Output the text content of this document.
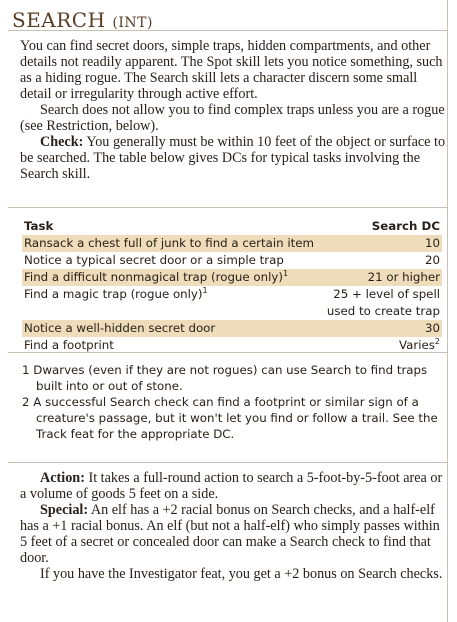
SEARCH (INT)

You can find secret doors, simple traps, hidden compartments, and other details not readily apparent. The Spot skill lets you notice something, such as a hiding rogue. The Search skill lets a character discern some small detail or irregularity through active effort.

Search does not allow you to find complex traps unless you are a rogue (see Restriction, below).

Check: You generally must be within 10 feet of the object or surface to be searched. The table below gives DCs for typical tasks involving the Search skill.

Task	Search DC
Ransack a chest full of junk to find a certain item	10
Notice a typical secret door or a simple trap	20
Find a difficult nonmagical trap (rogue only)$^1$	21 or higher
Find a magic trap (rogue only)$^1$	25 + level of spell
used to create trap
Notice a well-hidden secret door	30
Find a footprint	Varies$^2$
1 Dwarves (even if they are not rogues) can use Search to find traps built into or out of stone.
2 A successful Search check can find a footprint or similar sign of a creature's passage, but it won't let you find or follow a trail. See the Track feat for the appropriate DC.

Action: It takes a full-round action to search a 5-foot-by-5-foot area or a volume of goods 5 feet on a side.

Special: An elf has a +2 racial bonus on Search checks, and a half-elf has a +1 racial bonus. An elf (but not a half-elf) who simply passes within 5 feet of a secret or concealed door can make a Search check to find that door.

If you have the Investigator feat, you get a +2 bonus on Search checks.
